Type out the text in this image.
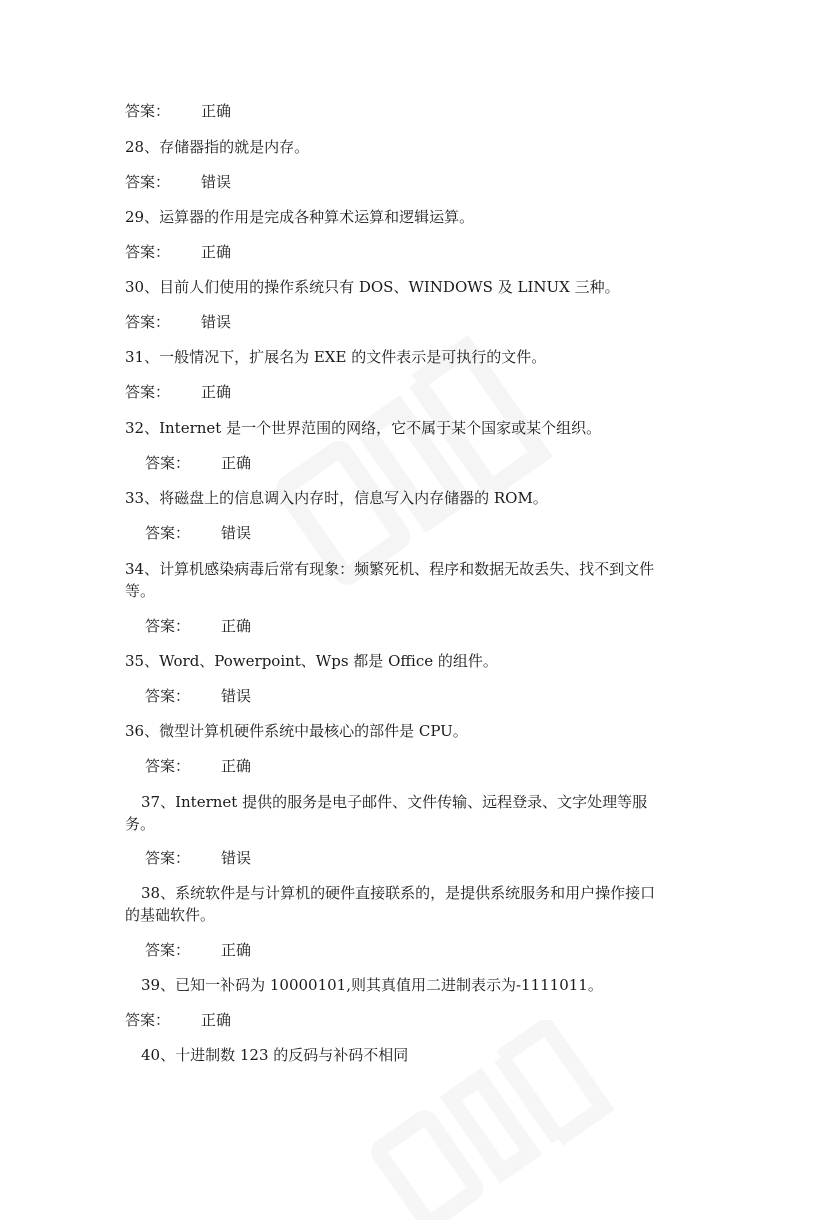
答案： 正确
28、存储器指的就是内存。
答案： 错误
29、运算器的作用是完成各种算术运算和逻辑运算。
答案： 正确
30、目前人们使用的操作系统只有 DOS、WINDOWS 及 LINUX 三种。
答案： 错误
31、一般情况下，扩展名为 EXE 的文件表示是可执行的文件。
答案： 正确
32、Internet 是一个世界范围的网络，它不属于某个国家或某个组织。
答案： 正确
33、将磁盘上的信息调入内存时，信息写入内存储器的 ROM。
答案： 错误
34、计算机感染病毒后常有现象：频繁死机、程序和数据无故丢失、找不到文件
等。
答案： 正确
35、Word、Powerpoint、Wps 都是 Office 的组件。
答案： 错误
36、微型计算机硬件系统中最核心的部件是 CPU。
答案： 正确
37、Internet 提供的服务是电子邮件、文件传输、远程登录、文字处理等服
务。
答案： 错误
38、系统软件是与计算机的硬件直接联系的，是提供系统服务和用户操作接口
的基础软件。
答案： 正确
39、已知一补码为 10000101,则其真值用二进制表示为-1111011。
答案： 正确
40、十进制数 123 的反码与补码不相同
